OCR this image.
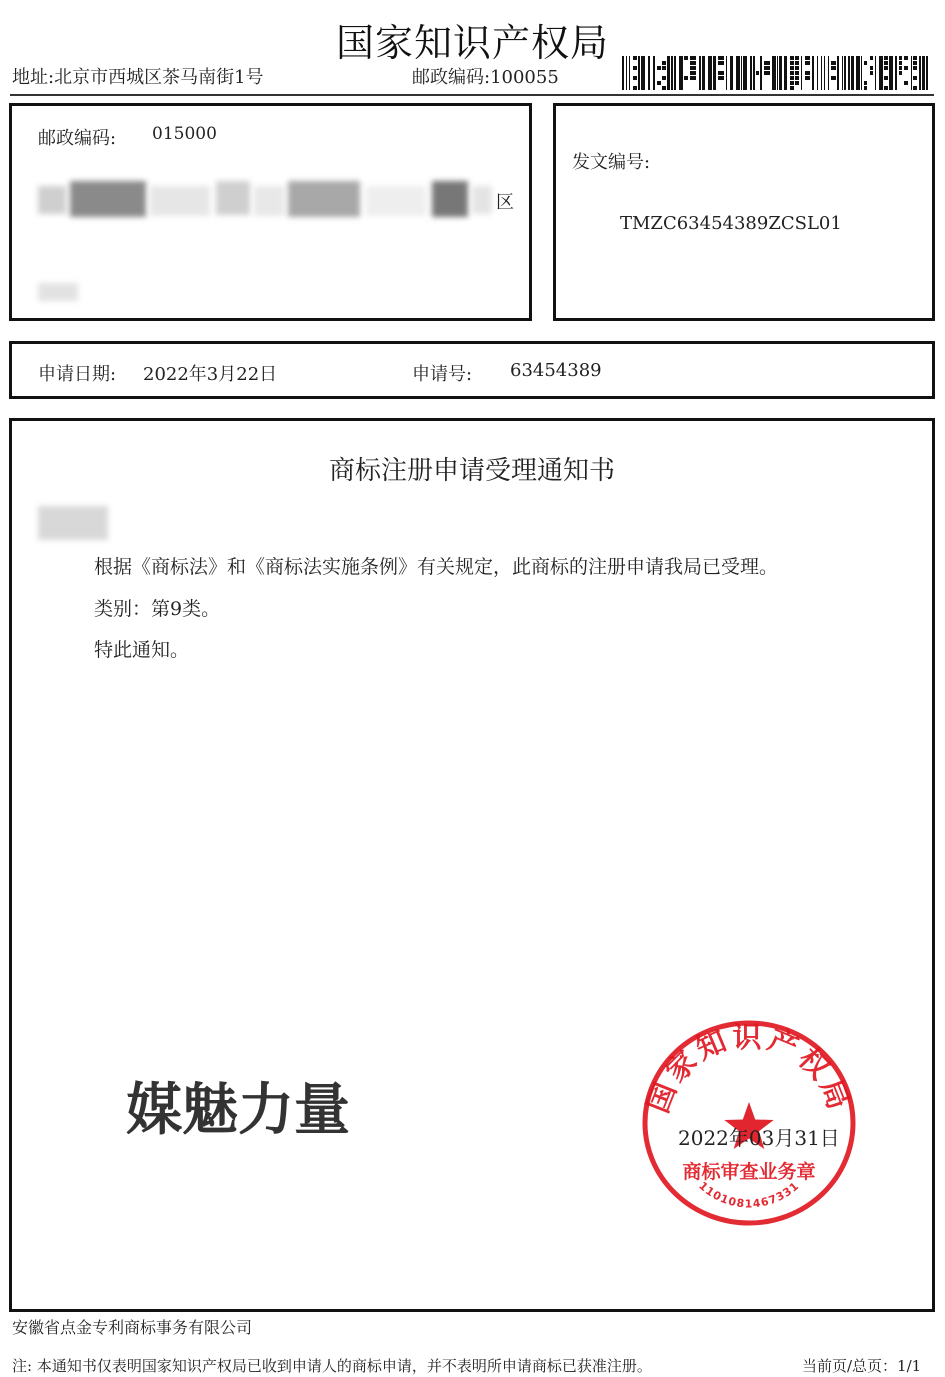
国家知识产权局
地址:北京市西城区茶马南街1号	邮政编码:100055
邮政编码: 015000
区
发文编号:
TMZC63454389ZCSL01
申请日期: 2022年3月22日	申请号: 63454389
商标注册申请受理通知书
根据《商标法》和《商标法实施条例》有关规定，此商标的注册申请我局已受理。
类别：第9类。
特此通知。
媒魅力量	国家知识产权局
商标审查业务章
1101081467331
2022年03月31日
安徽省点金专利商标事务有限公司
注: 本通知书仅表明国家知识产权局已收到申请人的商标申请，并不表明所申请商标已获准注册。	当前页/总页：1/1
